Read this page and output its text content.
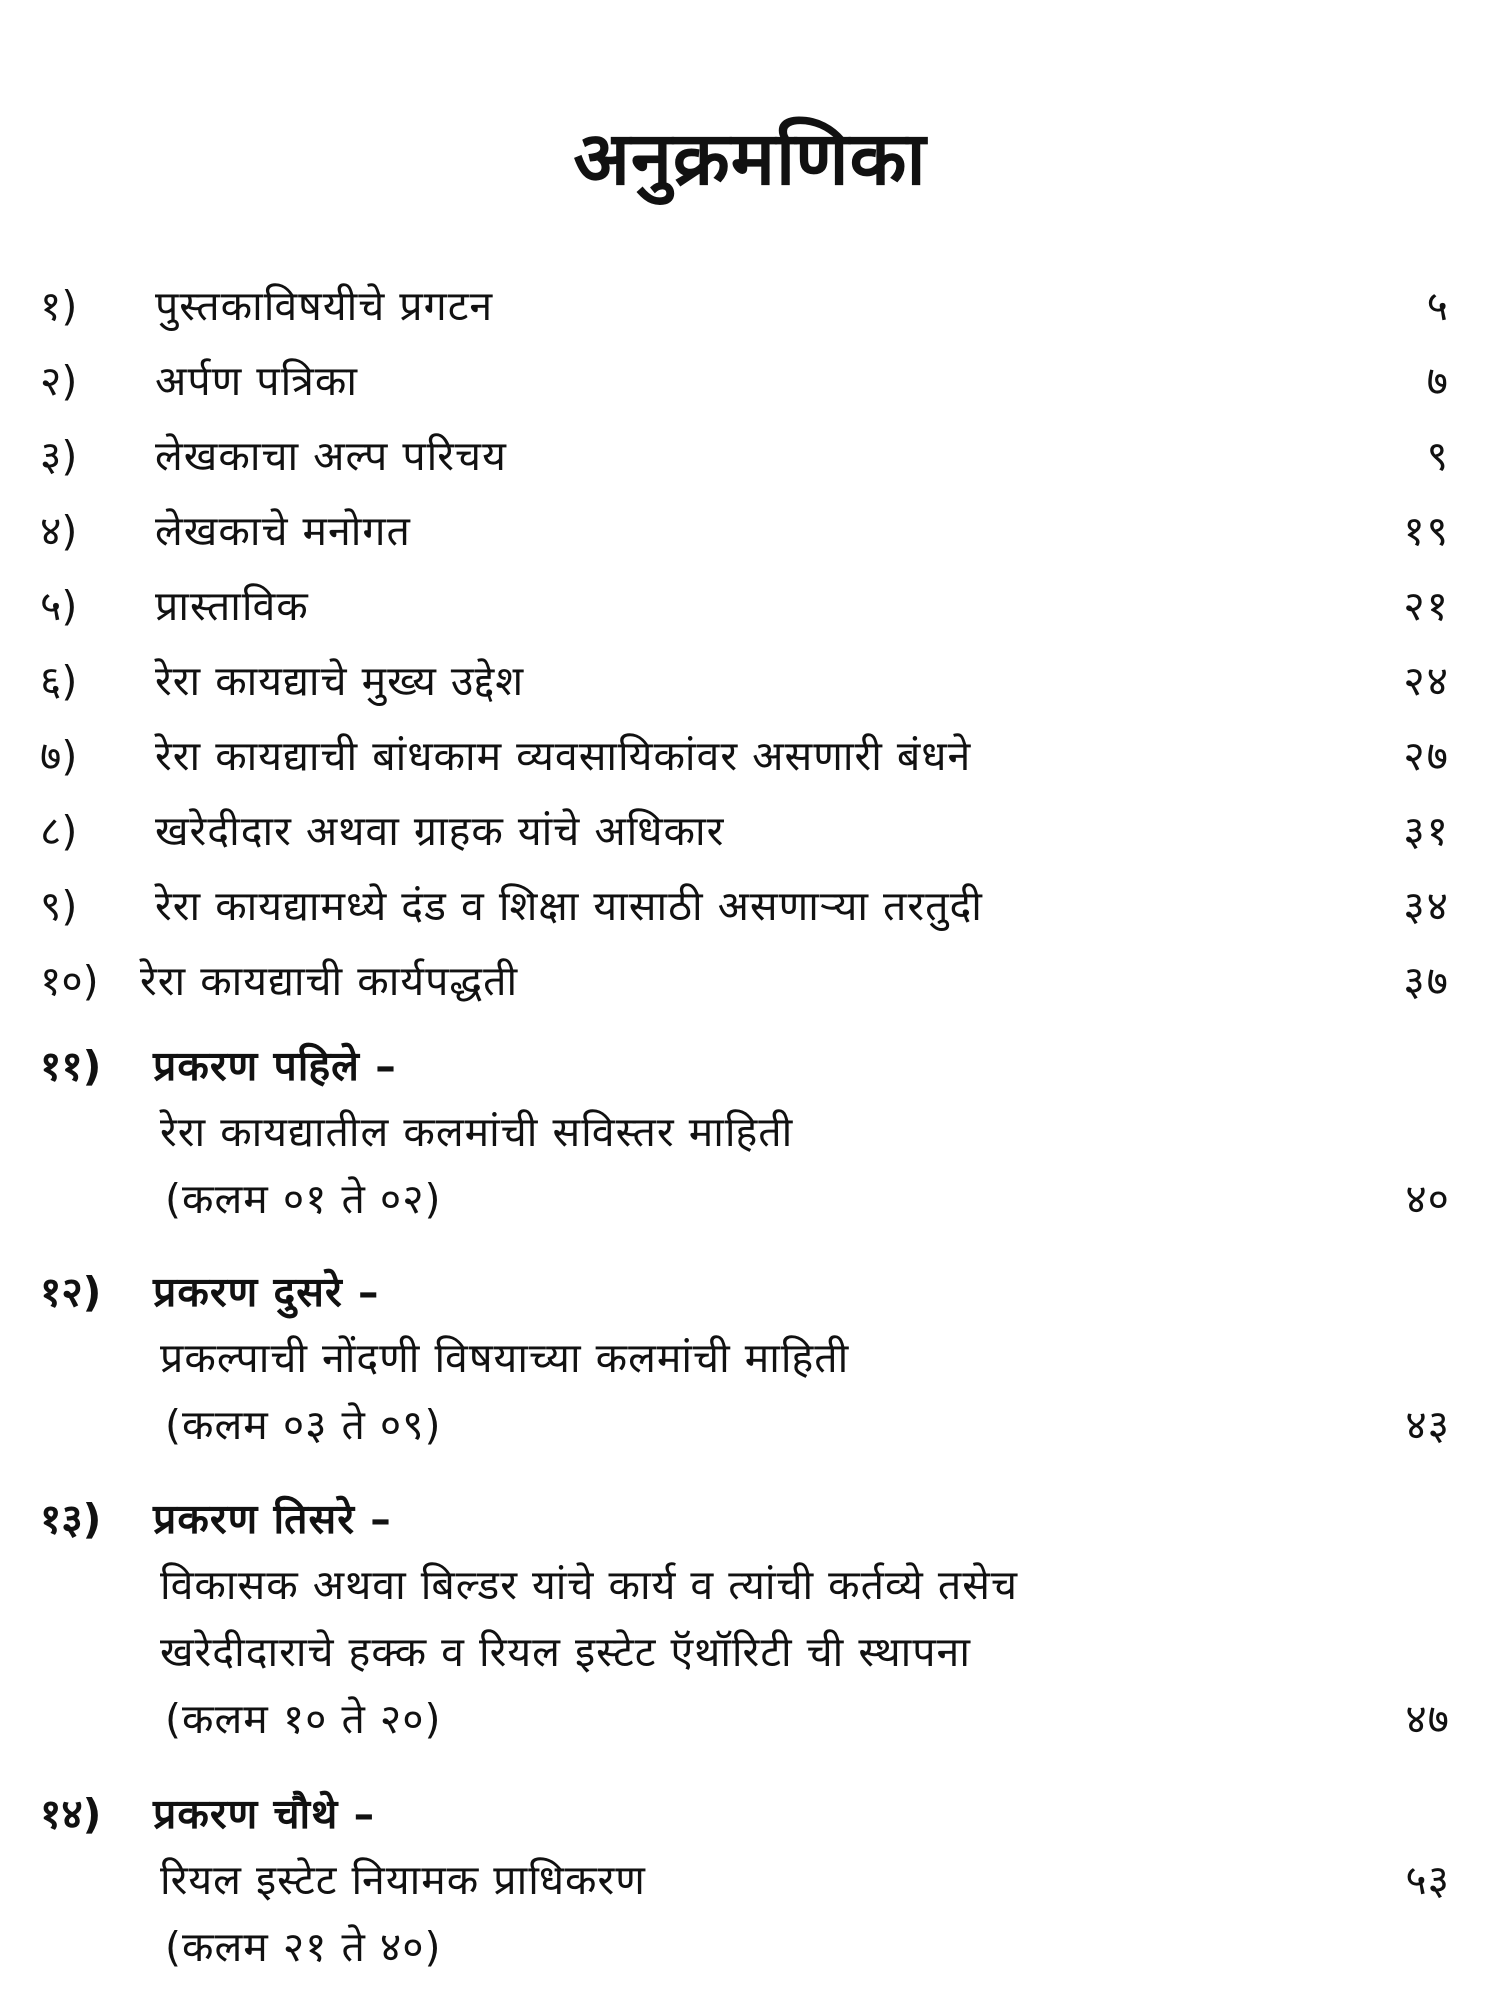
अनुक्रमणिका
१) पुस्तकाविषयीचे प्रगटन	५
२) अर्पण पत्रिका	७
३) लेखकाचा अल्प परिचय	९
४) लेखकाचे मनोगत	१९
५) प्रास्ताविक	२१
६) रेरा कायद्याचे मुख्य उद्देश	२४
७) रेरा कायद्याची बांधकाम व्यवसायिकांवर असणारी बंधने	२७
८) खरेदीदार अथवा ग्राहक यांचे अधिकार	३१
९) रेरा कायद्यामध्ये दंड व शिक्षा यासाठी असणाऱ्या तरतुदी	३४
१०) रेरा कायद्याची कार्यपद्धती	३७
११) प्रकरण पहिले –
रेरा कायद्यातील कलमांची सविस्तर माहिती
(कलम ०१ ते ०२)	४०
१२) प्रकरण दुसरे –
प्रकल्पाची नोंदणी विषयाच्या कलमांची माहिती
(कलम ०३ ते ०९)	४३
१३) प्रकरण तिसरे –
विकासक अथवा बिल्डर यांचे कार्य व त्यांची कर्तव्ये तसेच
खरेदीदाराचे हक्क व रियल इस्टेट ऍथॉरिटी ची स्थापना
(कलम १० ते २०)	४७
१४) प्रकरण चौथे –
रियल इस्टेट नियामक प्राधिकरण	५३
(कलम २१ ते ४०)
